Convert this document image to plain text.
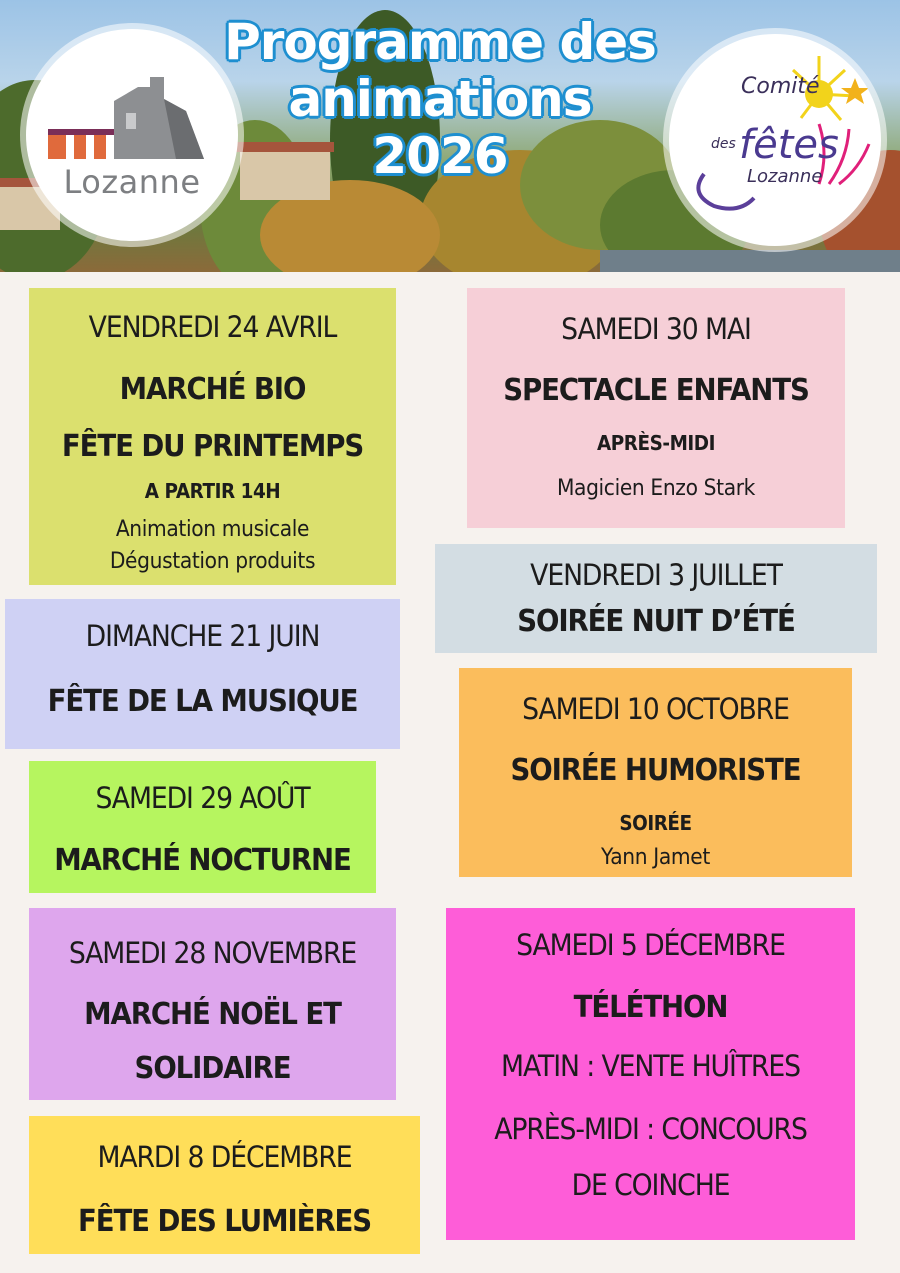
Lozanne
Programme des
animations
2026
Comité
des fêtes
Lozanne
VENDREDI 24 AVRIL
MARCHÉ BIO
FÊTE DU PRINTEMPS
A PARTIR 14H
Animation musicale
Dégustation produits
SAMEDI 30 MAI
SPECTACLE ENFANTS
APRÈS-MIDI
Magicien Enzo Stark
VENDREDI 3 JUILLET
SOIRÉE NUIT D’ÉTÉ
DIMANCHE 21 JUIN
FÊTE DE LA MUSIQUE	SAMEDI 10 OCTOBRE
SOIRÉE HUMORISTE
SOIRÉE
Yann Jamet
SAMEDI 29 AOÛT
MARCHÉ NOCTURNE
SAMEDI 28 NOVEMBRE
MARCHÉ NOËL ET
SOLIDAIRE
SAMEDI 5 DÉCEMBRE
TÉLÉTHON
MATIN : VENTE HUÎTRES
APRÈS-MIDI : CONCOURS
DE COINCHE
MARDI 8 DÉCEMBRE
FÊTE DES LUMIÈRES
